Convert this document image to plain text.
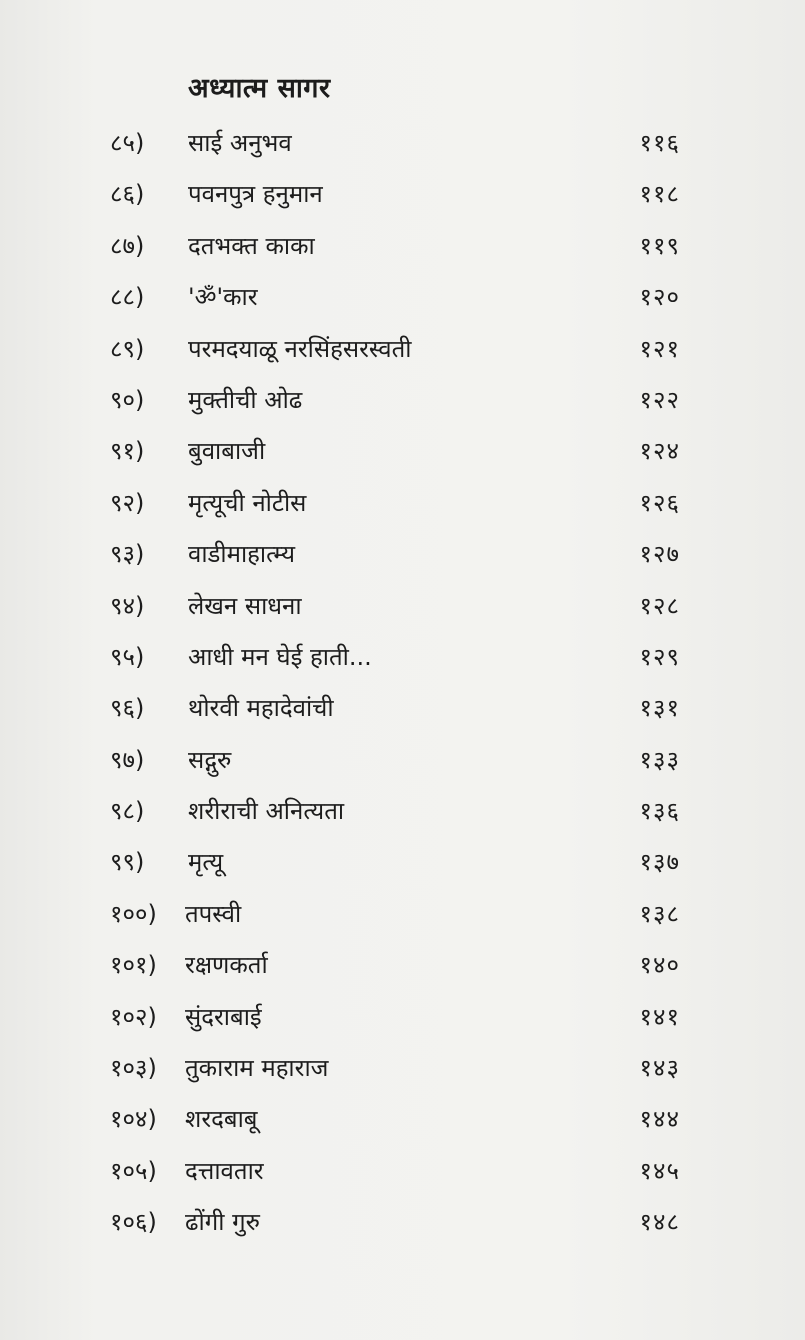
अध्यात्म सागर
८५) साई अनुभव	११६
८६) पवनपुत्र हनुमान	११८
८७) दतभक्त काका	११९
८८) 'ॐ'कार	१२०
८९) परमदयाळू नरसिंहसरस्वती	१२१
९०) मुक्तीची ओढ	१२२
९१) बुवाबाजी	१२४
९२) मृत्यूची नोटीस	१२६
९३) वाडीमाहात्म्य	१२७
९४) लेखन साधना	१२८
९५) आधी मन घेई हाती...	१२९
९६) थोरवी महादेवांची	१३१
९७) सद्गुरु	१३३
९८) शरीराची अनित्यता	१३६
९९) मृत्यू	१३७
१००) तपस्वी	१३८
१०१) रक्षणकर्ता	१४०
१०२) सुंदराबाई	१४१
१०३) तुकाराम महाराज	१४३
१०४) शरदबाबू	१४४
१०५) दत्तावतार	१४५
१०६) ढोंगी गुरु	१४८
